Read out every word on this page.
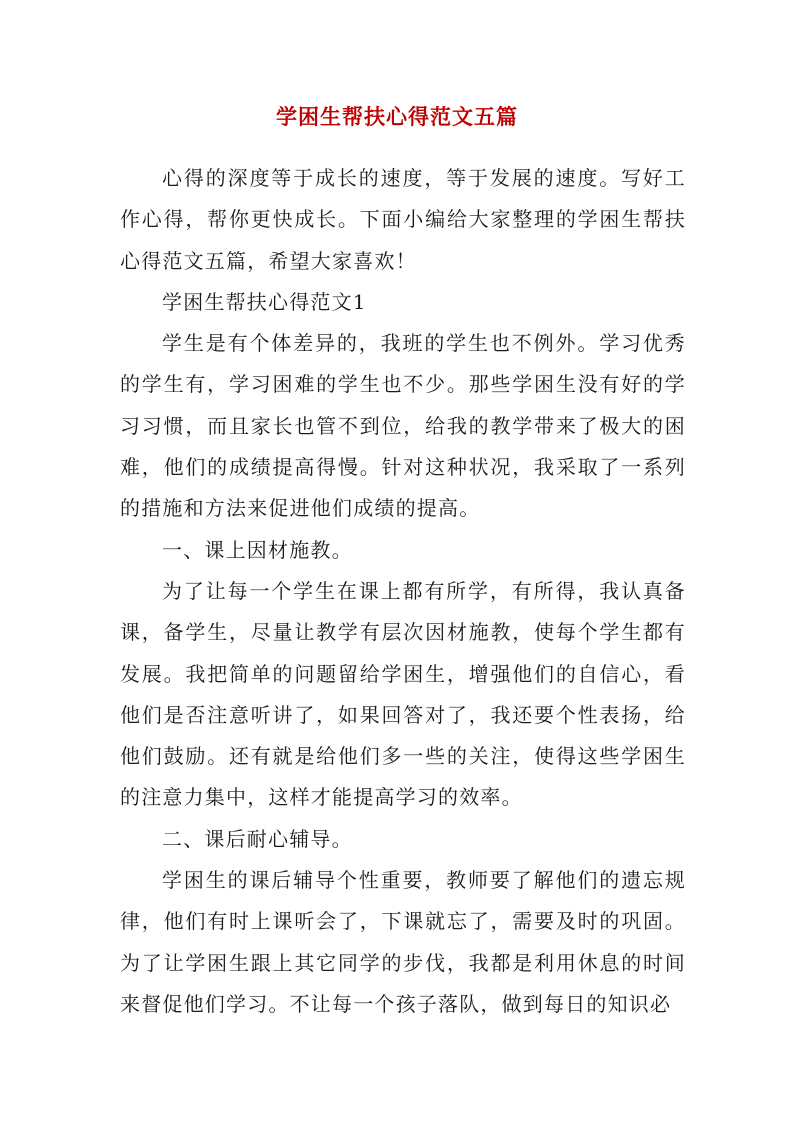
学困生帮扶心得范文五篇

心得的深度等于成长的速度，等于发展的速度。写好工作心得，帮你更快成长。下面小编给大家整理的学困生帮扶心得范文五篇，希望大家喜欢！

学困生帮扶心得范文1

学生是有个体差异的，我班的学生也不例外。学习优秀的学生有，学习困难的学生也不少。那些学困生没有好的学习习惯，而且家长也管不到位，给我的教学带来了极大的困难，他们的成绩提高得慢。针对这种状况，我采取了一系列的措施和方法来促进他们成绩的提高。

一、课上因材施教。

为了让每一个学生在课上都有所学，有所得，我认真备课，备学生，尽量让教学有层次因材施教，使每个学生都有发展。我把简单的问题留给学困生，增强他们的自信心，看他们是否注意听讲了，如果回答对了，我还要个性表扬，给他们鼓励。还有就是给他们多一些的关注，使得这些学困生的注意力集中，这样才能提高学习的效率。

二、课后耐心辅导。

学困生的课后辅导个性重要，教师要了解他们的遗忘规律，他们有时上课听会了，下课就忘了，需要及时的巩固。为了让学困生跟上其它同学的步伐，我都是利用休息的时间来督促他们学习。不让每一个孩子落队，做到每日的知识必
